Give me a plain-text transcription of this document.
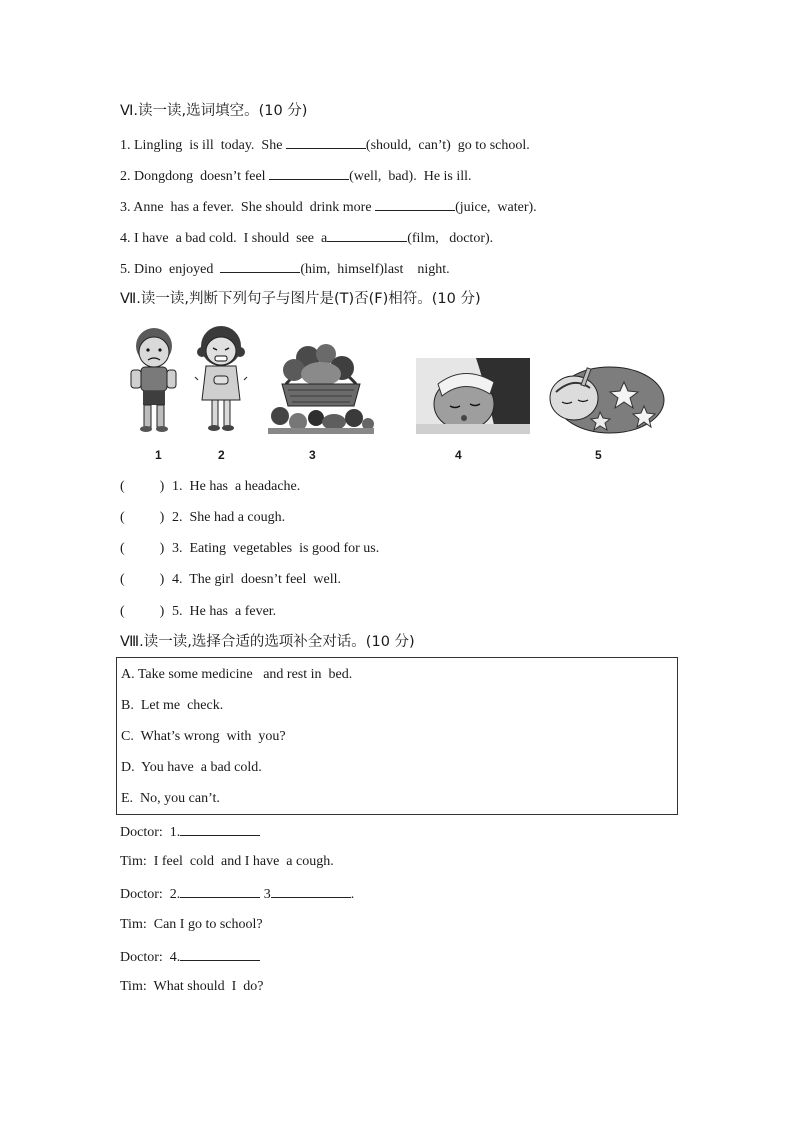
Ⅵ.读一读,选词填空。(10 分)
1. Lingling  is ill  today.  She	(should,  can’t)  go to school.
2. Dongdong  doesn’t feel	(well,  bad).  He is ill.
3. Anne  has a fever.  She should  drink more	(juice,  water).
4. I have  a bad cold.  I should  see  a	(film,   doctor).
5. Dino  enjoyed	(him,  himself)last    night.
Ⅶ.读一读,判断下列句子与图片是(T)否(F)相符。(10 分)
1	2	3	4	5
(          ) 1.  He has  a headache.
(          ) 2.  She had a cough.
(          ) 3.  Eating  vegetables  is good for us.
(          ) 4.  The girl  doesn’t feel  well.
(          ) 5.  He has  a fever.
Ⅷ.读一读,选择合适的选项补全对话。(10 分)
A. Take some medicine   and rest in  bed.
B.  Let me  check.
C.  What’s wrong  with  you?
D.  You have  a bad cold.
E.  No, you can’t.
Doctor:  1.
Tim:  I feel  cold  and I have  a cough.
Doctor:  2.	3	.
Tim:  Can I go to school?
Doctor:  4.
Tim:  What should  I  do?
